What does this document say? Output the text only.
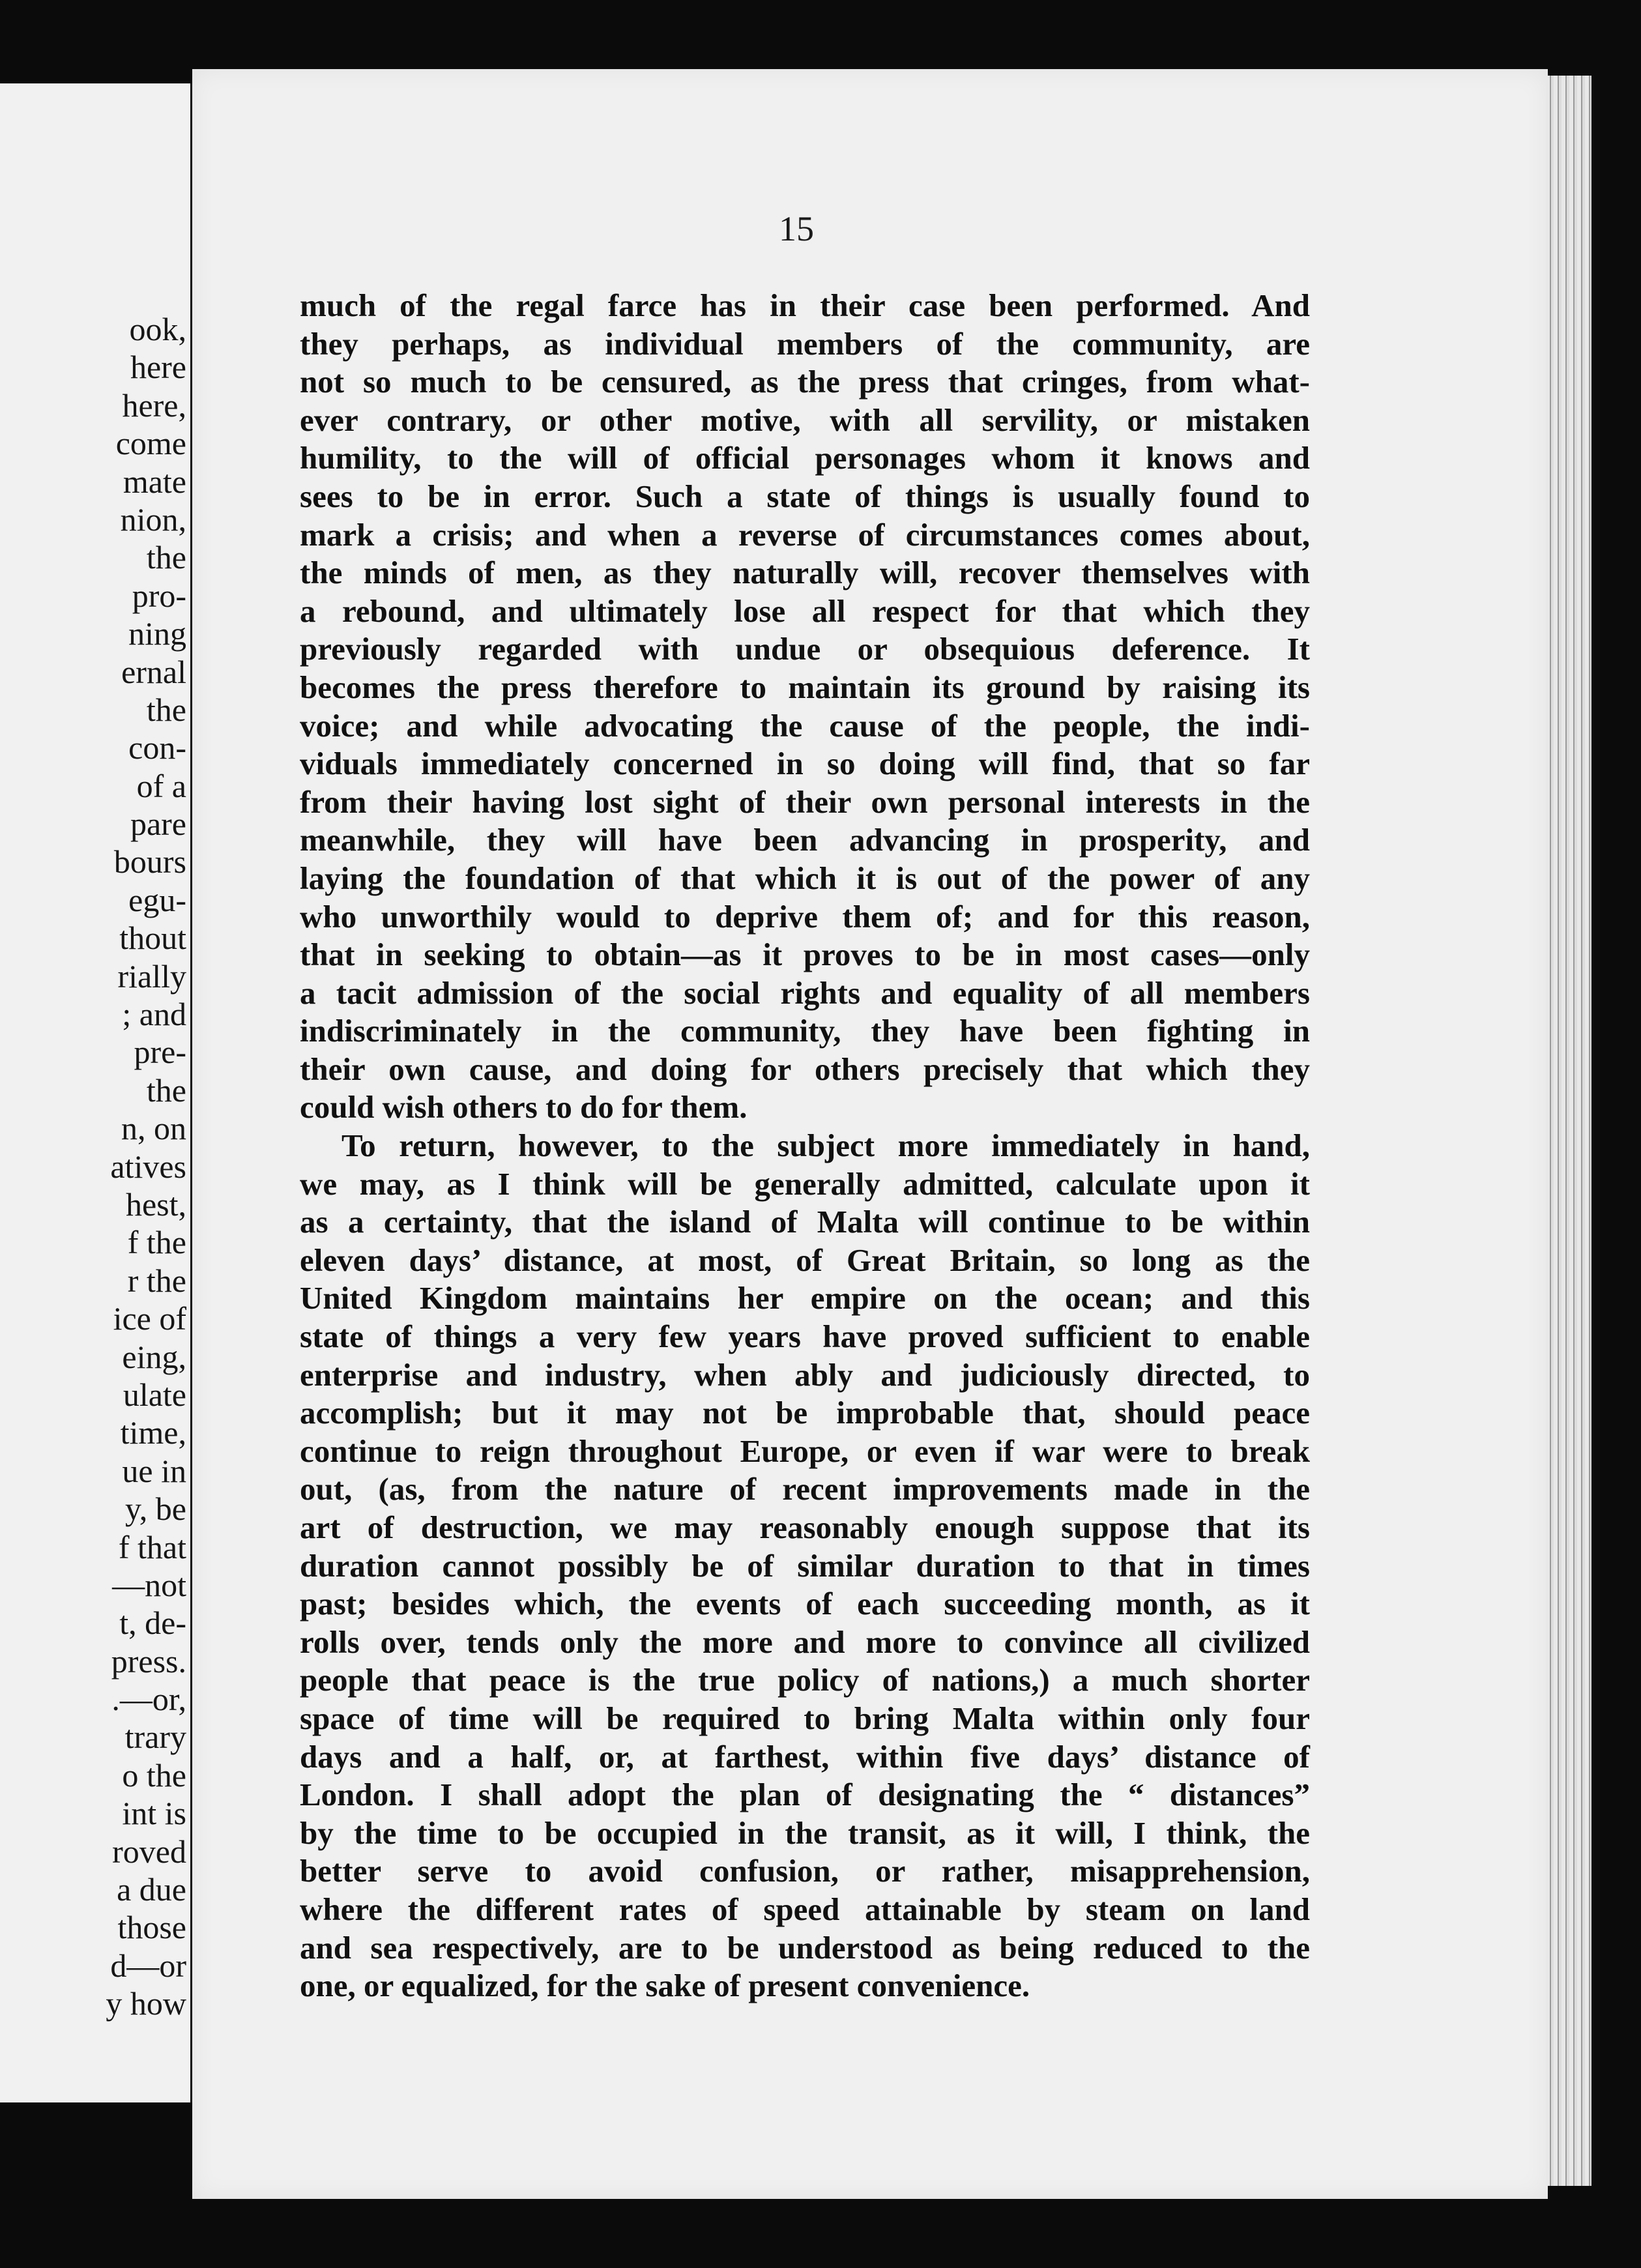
ook,
here
here,
come
mate
nion,
the
pro-
ning
ernal
the
con-
of a
pare
bours
egu-
thout
rially
; and
pre-
the
n, on
atives
hest,
f the
r the
ice of
eing,
ulate
time,
ue in
y, be
f that
—not
t, de-
press.
.—or,
trary
o the
int is
roved
a due
those
d—or
y how
15
much of the regal farce has in their case been performed. And
they perhaps, as individual members of the community, are
not so much to be censured, as the press that cringes, from what-
ever contrary, or other motive, with all servility, or mistaken
humility, to the will of official personages whom it knows and
sees to be in error. Such a state of things is usually found to
mark a crisis; and when a reverse of circumstances comes about,
the minds of men, as they naturally will, recover themselves with
a rebound, and ultimately lose all respect for that which they
previously regarded with undue or obsequious deference. It
becomes the press therefore to maintain its ground by raising its
voice; and while advocating the cause of the people, the indi-
viduals immediately concerned in so doing will find, that so far
from their having lost sight of their own personal interests in the
meanwhile, they will have been advancing in prosperity, and
laying the foundation of that which it is out of the power of any
who unworthily would to deprive them of; and for this reason,
that in seeking to obtain—as it proves to be in most cases—only
a tacit admission of the social rights and equality of all members
indiscriminately in the community, they have been fighting in
their own cause, and doing for others precisely that which they
could wish others to do for them.
To return, however, to the subject more immediately in hand,
we may, as I think will be generally admitted, calculate upon it
as a certainty, that the island of Malta will continue to be within
eleven days’ distance, at most, of Great Britain, so long as the
United Kingdom maintains her empire on the ocean; and this
state of things a very few years have proved sufficient to enable
enterprise and industry, when ably and judiciously directed, to
accomplish; but it may not be improbable that, should peace
continue to reign throughout Europe, or even if war were to break
out, (as, from the nature of recent improvements made in the
art of destruction, we may reasonably enough suppose that its
duration cannot possibly be of similar duration to that in times
past; besides which, the events of each succeeding month, as it
rolls over, tends only the more and more to convince all civilized
people that peace is the true policy of nations,) a much shorter
space of time will be required to bring Malta within only four
days and a half, or, at farthest, within five days’ distance of
London. I shall adopt the plan of designating the “ distances”
by the time to be occupied in the transit, as it will, I think, the
better serve to avoid confusion, or rather, misapprehension,
where the different rates of speed attainable by steam on land
and sea respectively, are to be understood as being reduced to the
one, or equalized, for the sake of present convenience.
